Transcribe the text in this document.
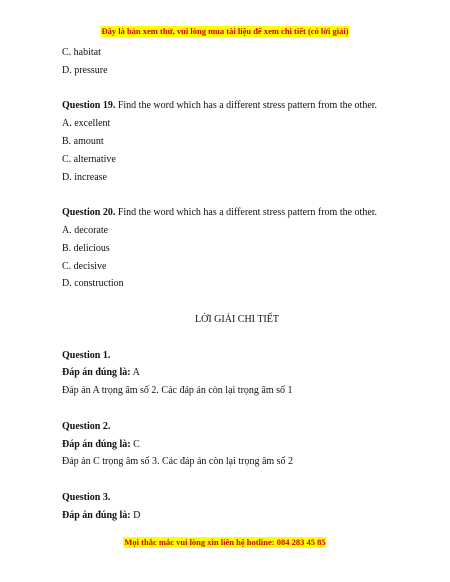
Đây là bản xem thử, vui lòng mua tài liệu để xem chi tiết (có lời giải)
C. habitat
D. pressure
Question 19. Find the word which has a different stress pattern from the other.
A. excellent
B. amount
C. alternative
D. increase
Question 20. Find the word which has a different stress pattern from the other.
A. decorate
B. delicious
C. decisive
D. construction
LỜI GIẢI CHI TIẾT
Question 1.
Đáp án đúng là: A
Đáp án A trọng âm số 2. Các đáp án còn lại trọng âm số 1
Question 2.
Đáp án đúng là: C
Đáp án C trọng âm số 3. Các đáp án còn lại trọng âm số 2
Question 3.
Đáp án đúng là: D
Mọi thắc mắc vui lòng xin liên hệ hotline: 084 283 45 85
